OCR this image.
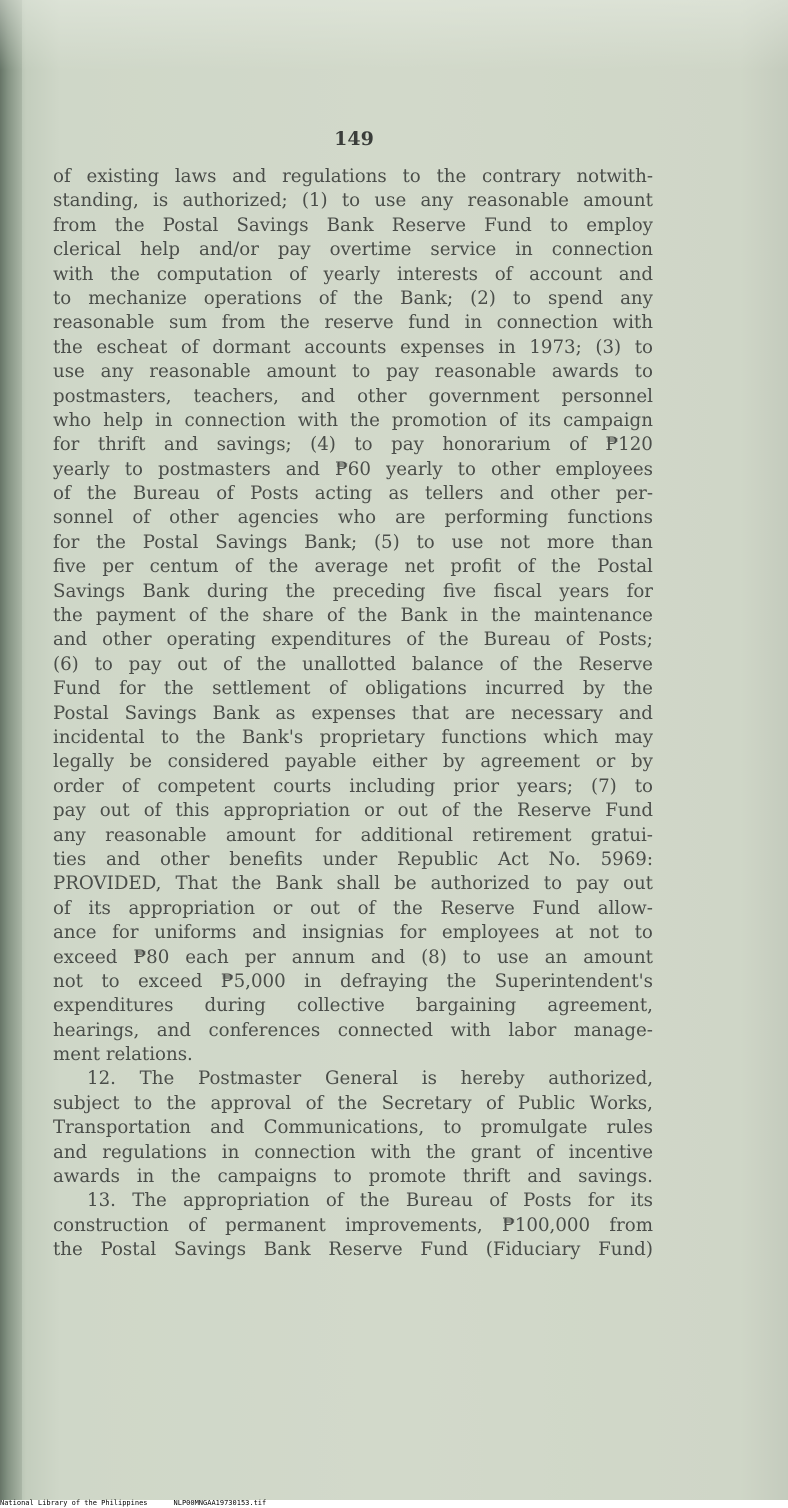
149
of existing laws and regulations to the contrary notwith-
standing, is authorized; (1) to use any reasonable amount
from the Postal Savings Bank Reserve Fund to employ
clerical help and/or pay overtime service in connection
with the computation of yearly interests of account and
to mechanize operations of the Bank; (2) to spend any
reasonable sum from the reserve fund in connection with
the escheat of dormant accounts expenses in 1973; (3) to
use any reasonable amount to pay reasonable awards to
postmasters, teachers, and other government personnel
who help in connection with the promotion of its campaign
for thrift and savings; (4) to pay honorarium of ₱120
yearly to postmasters and ₱60 yearly to other employees
of the Bureau of Posts acting as tellers and other per-
sonnel of other agencies who are performing functions
for the Postal Savings Bank; (5) to use not more than
five per centum of the average net profit of the Postal
Savings Bank during the preceding five fiscal years for
the payment of the share of the Bank in the maintenance
and other operating expenditures of the Bureau of Posts;
(6) to pay out of the unallotted balance of the Reserve
Fund for the settlement of obligations incurred by the
Postal Savings Bank as expenses that are necessary and
incidental to the Bank's proprietary functions which may
legally be considered payable either by agreement or by
order of competent courts including prior years; (7) to
pay out of this appropriation or out of the Reserve Fund
any reasonable amount for additional retirement gratui-
ties and other benefits under Republic Act No. 5969:
PROVIDED, That the Bank shall be authorized to pay out
of its appropriation or out of the Reserve Fund allow-
ance for uniforms and insignias for employees at not to
exceed ₱80 each per annum and (8) to use an amount
not to exceed ₱5,000 in defraying the Superintendent's
expenditures during collective bargaining agreement,
hearings, and conferences connected with labor manage-
ment relations.
12. The Postmaster General is hereby authorized,
subject to the approval of the Secretary of Public Works,
Transportation and Communications, to promulgate rules
and regulations in connection with the grant of incentive
awards in the campaigns to promote thrift and savings.
13. The appropriation of the Bureau of Posts for its
construction of permanent improvements, ₱100,000 from
the Postal Savings Bank Reserve Fund (Fiduciary Fund)
National Library of the Philippines	NLP00MNGAA19730153.tif
